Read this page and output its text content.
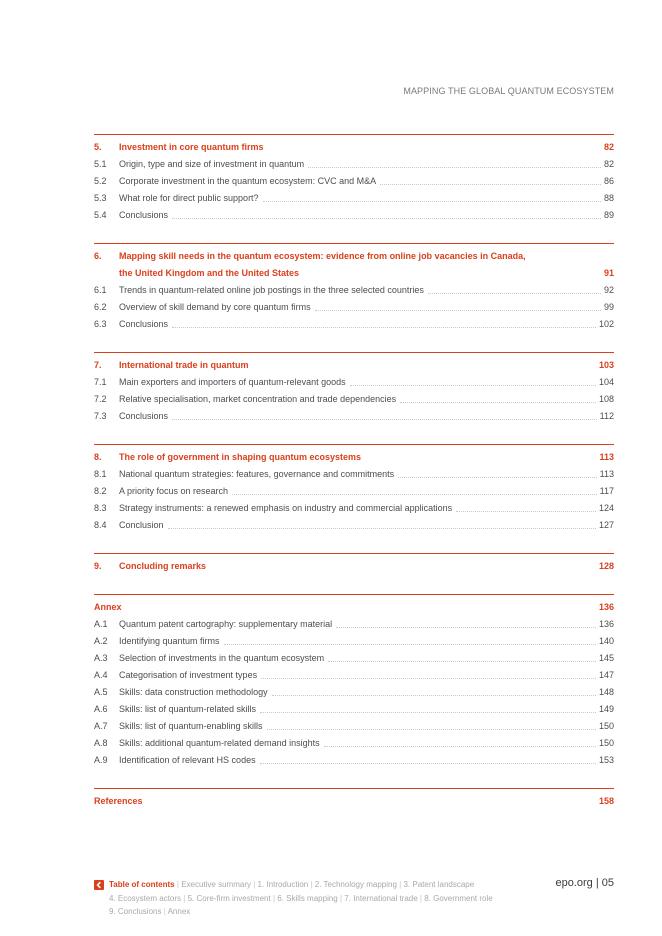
MAPPING THE GLOBAL QUANTUM ECOSYSTEM
5.	Investment in core quantum firms	82
5.1	Origin, type and size of investment in quantum	82
5.2	Corporate investment in the quantum ecosystem: CVC and M&A	86
5.3	What role for direct public support?	88
5.4	Conclusions	89
6.	Mapping skill needs in the quantum ecosystem: evidence from online job vacancies in Canada,
the United Kingdom and the United States	91
6.1	Trends in quantum-related online job postings in the three selected countries	92
6.2	Overview of skill demand by core quantum firms	99
6.3	Conclusions	102
7.	International trade in quantum	103
7.1	Main exporters and importers of quantum-relevant goods	104
7.2	Relative specialisation, market concentration and trade dependencies	108
7.3	Conclusions	112
8.	The role of government in shaping quantum ecosystems	113
8.1	National quantum strategies: features, governance and commitments	113
8.2	A priority focus on research	117
8.3	Strategy instruments: a renewed emphasis on industry and commercial applications	124
8.4	Conclusion	127
9.	Concluding remarks	128
Annex	136
A.1	Quantum patent cartography: supplementary material	136
A.2	Identifying quantum firms	140
A.3	Selection of investments in the quantum ecosystem	145
A.4	Categorisation of investment types	147
A.5	Skills: data construction methodology	148
A.6	Skills: list of quantum-related skills	149
A.7	Skills: list of quantum-enabling skills	150
A.8	Skills: additional quantum-related demand insights	150
A.9	Identification of relevant HS codes	153
References	158
Table of contents | Executive summary | 1. Introduction | 2. Technology mapping | 3. Patent landscape
4. Ecosystem actors | 5. Core-firm investment | 6. Skills mapping | 7. International trade | 8. Government role
9. Conclusions | Annex
epo.org | 05
